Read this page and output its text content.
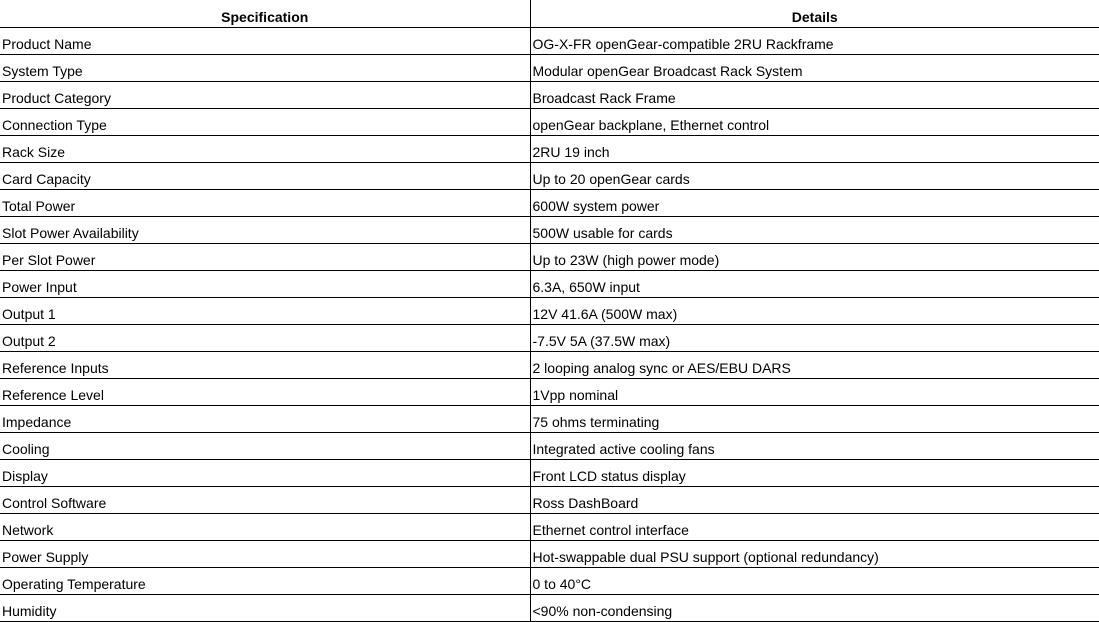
Specification	Details
Product Name	OG-X-FR openGear-compatible 2RU Rackframe
System Type	Modular openGear Broadcast Rack System
Product Category	Broadcast Rack Frame
Connection Type	openGear backplane, Ethernet control
Rack Size	2RU 19 inch
Card Capacity	Up to 20 openGear cards
Total Power	600W system power
Slot Power Availability	500W usable for cards
Per Slot Power	Up to 23W (high power mode)
Power Input	6.3A, 650W input
Output 1	12V 41.6A (500W max)
Output 2	-7.5V 5A (37.5W max)
Reference Inputs	2 looping analog sync or AES/EBU DARS
Reference Level	1Vpp nominal
Impedance	75 ohms terminating
Cooling	Integrated active cooling fans
Display	Front LCD status display
Control Software	Ross DashBoard
Network	Ethernet control interface
Power Supply	Hot-swappable dual PSU support (optional redundancy)
Operating Temperature	0 to 40°C
Humidity	<90% non-condensing
